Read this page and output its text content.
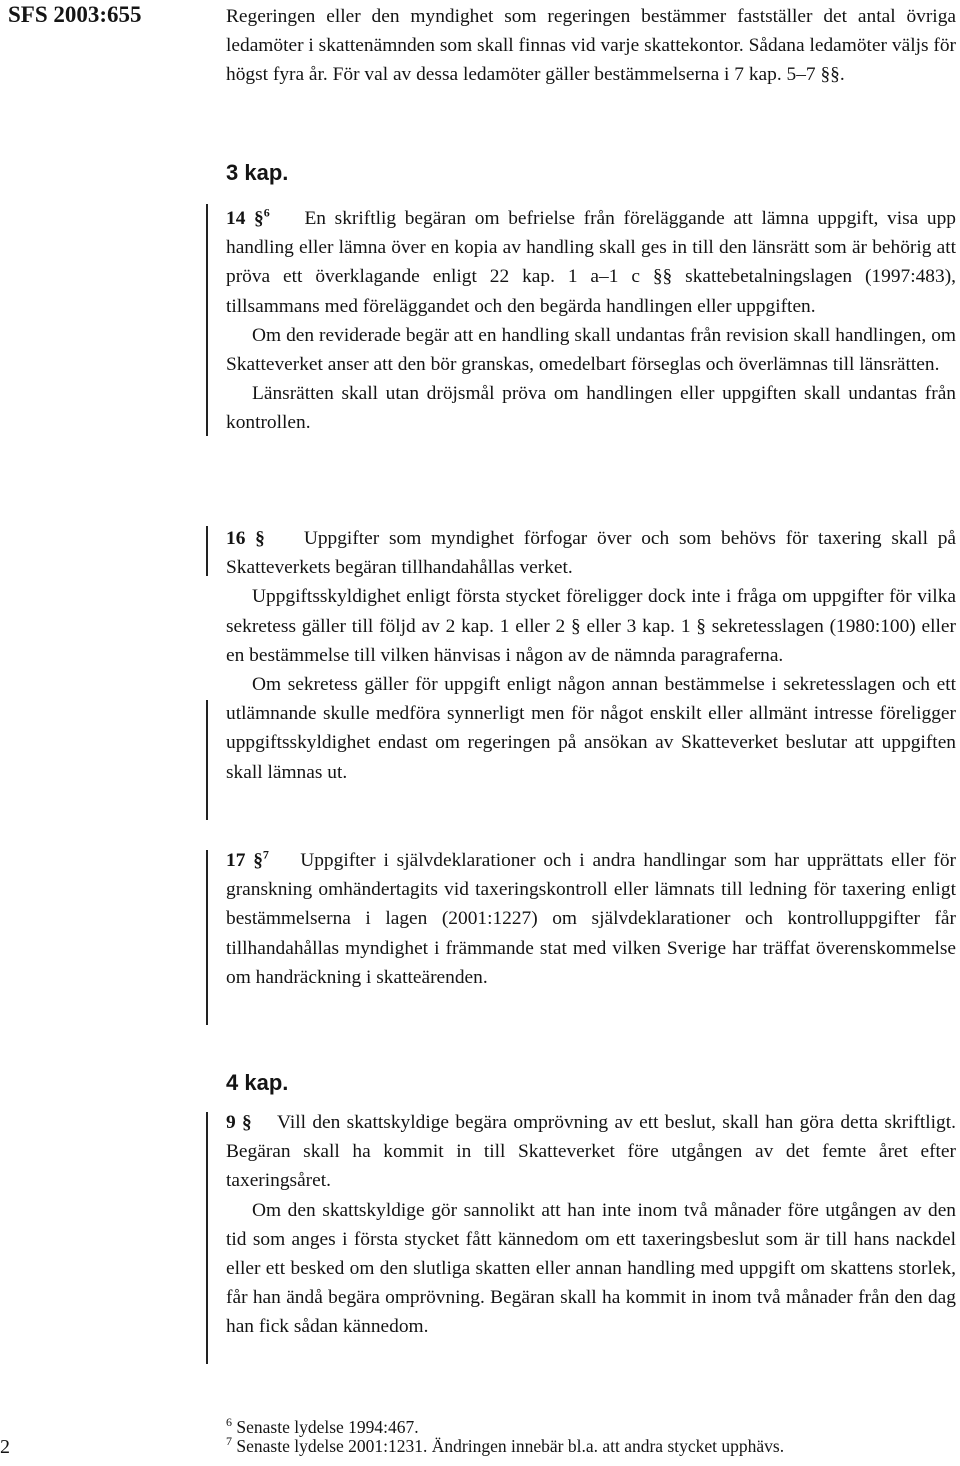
SFS 2003:655	Regeringen eller den myndighet som regeringen bestämmer fastställer det antal övriga ledamöter i skattenämnden som skall finnas vid varje skattekontor. Sådana ledamöter väljs för högst fyra år. För val av dessa ledamöter gäller bestämmelserna i 7 kap. 5–7 §§.

3 kap.

14 §$^6$ En skriftlig begäran om befrielse från föreläggande att lämna uppgift, visa upp handling eller lämna över en kopia av handling skall ges in till den länsrätt som är behörig att pröva ett överklagande enligt 22 kap. 1 a–1 c §§ skattebetalningslagen (1997:483), tillsammans med föreläggandet och den begärda handlingen eller uppgiften.

Om den reviderade begär att en handling skall undantas från revision skall handlingen, om Skatteverket anser att den bör granskas, omedelbart förseglas och överlämnas till länsrätten.

Länsrätten skall utan dröjsmål pröva om handlingen eller uppgiften skall undantas från kontrollen.

16 § Uppgifter som myndighet förfogar över och som behövs för taxering skall på Skatteverkets begäran tillhandahållas verket.

Uppgiftsskyldighet enligt första stycket föreligger dock inte i fråga om uppgifter för vilka sekretess gäller till följd av 2 kap. 1 eller 2 § eller 3 kap. 1 § sekretesslagen (1980:100) eller en bestämmelse till vilken hänvisas i någon av de nämnda paragraferna.

Om sekretess gäller för uppgift enligt någon annan bestämmelse i sekretesslagen och ett utlämnande skulle medföra synnerligt men för något enskilt eller allmänt intresse föreligger uppgiftsskyldighet endast om regeringen på ansökan av Skatteverket beslutar att uppgiften skall lämnas ut.

17 §$^7$ Uppgifter i självdeklarationer och i andra handlingar som har upprättats eller för granskning omhändertagits vid taxeringskontroll eller lämnats till ledning för taxering enligt bestämmelserna i lagen (2001:1227) om självdeklarationer och kontrolluppgifter får tillhandahållas myndighet i främmande stat med vilken Sverige har träffat överenskommelse om handräckning i skatteärenden.

4 kap.

9 § Vill den skattskyldige begära omprövning av ett beslut, skall han göra detta skriftligt. Begäran skall ha kommit in till Skatteverket före utgången av det femte året efter taxeringsåret.

Om den skattskyldige gör sannolikt att han inte inom två månader före utgången av den tid som anges i första stycket fått kännedom om ett taxeringsbeslut som är till hans nackdel eller ett besked om den slutliga skatten eller annan handling med uppgift om skattens storlek, får han ändå begära omprövning. Begäran skall ha kommit in inom två månader från den dag han fick sådan kännedom.

$^6$ Senaste lydelse 1994:467.
$^7$ Senaste lydelse 2001:1231. Ändringen innebär bl.a. att andra stycket upphävs.
2
